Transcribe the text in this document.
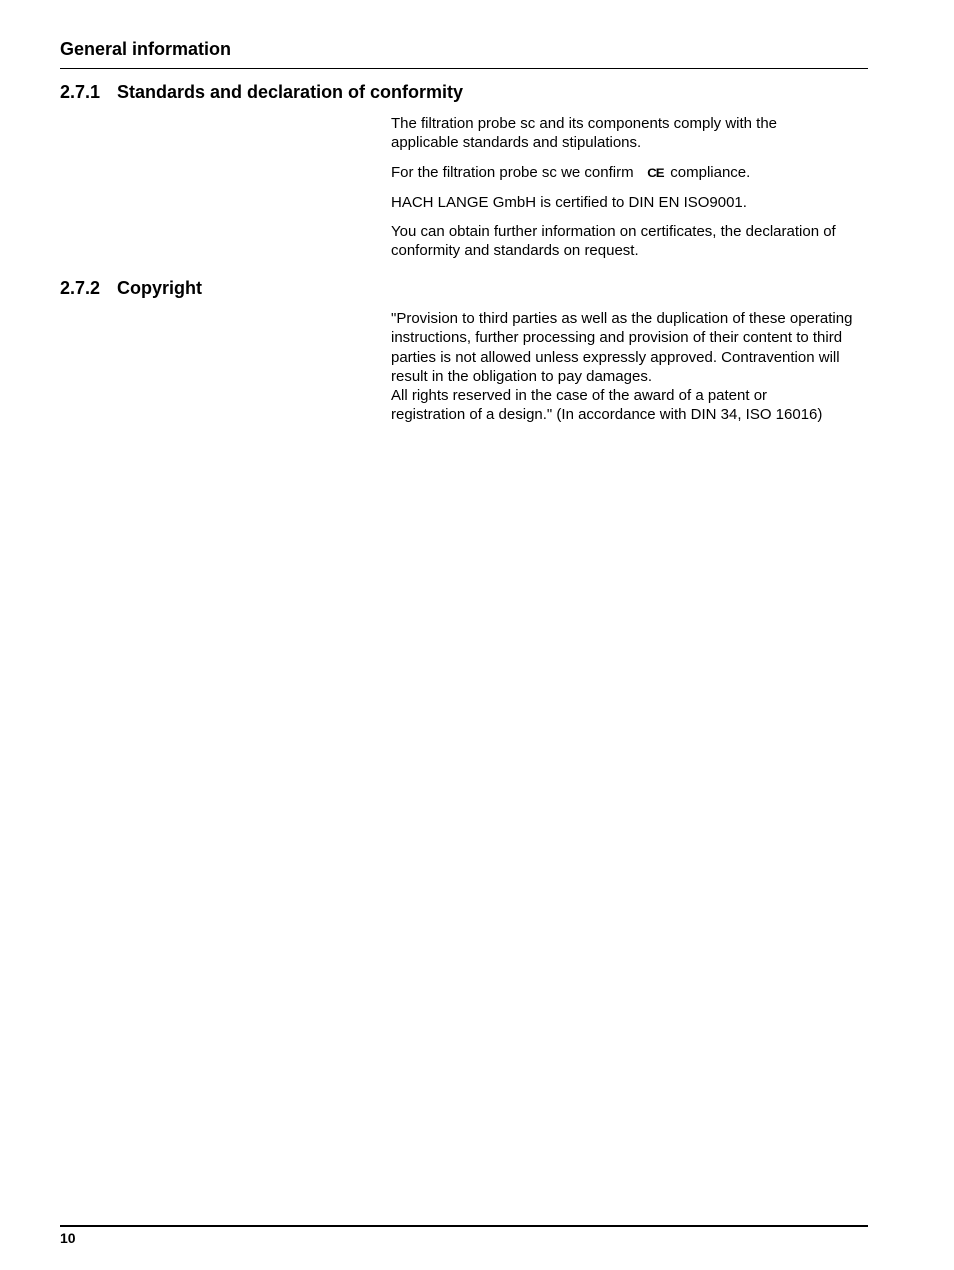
General information
2.7.1 Standards and declaration of conformity

The filtration probe sc and its components comply with the applicable standards and stipulations.

For the filtration probe sc we confirm CE compliance.

HACH LANGE GmbH is certified to DIN EN ISO9001.

You can obtain further information on certificates, the declaration of conformity and standards on request.

2.7.2 Copyright
"Provision to third parties as well as the duplication of these operating instructions, further processing and provision of their content to third parties is not allowed unless expressly approved. Contravention will result in the obligation to pay damages.
All rights reserved in the case of the award of a patent or registration of a design." (In accordance with DIN 34, ISO 16016)
10
